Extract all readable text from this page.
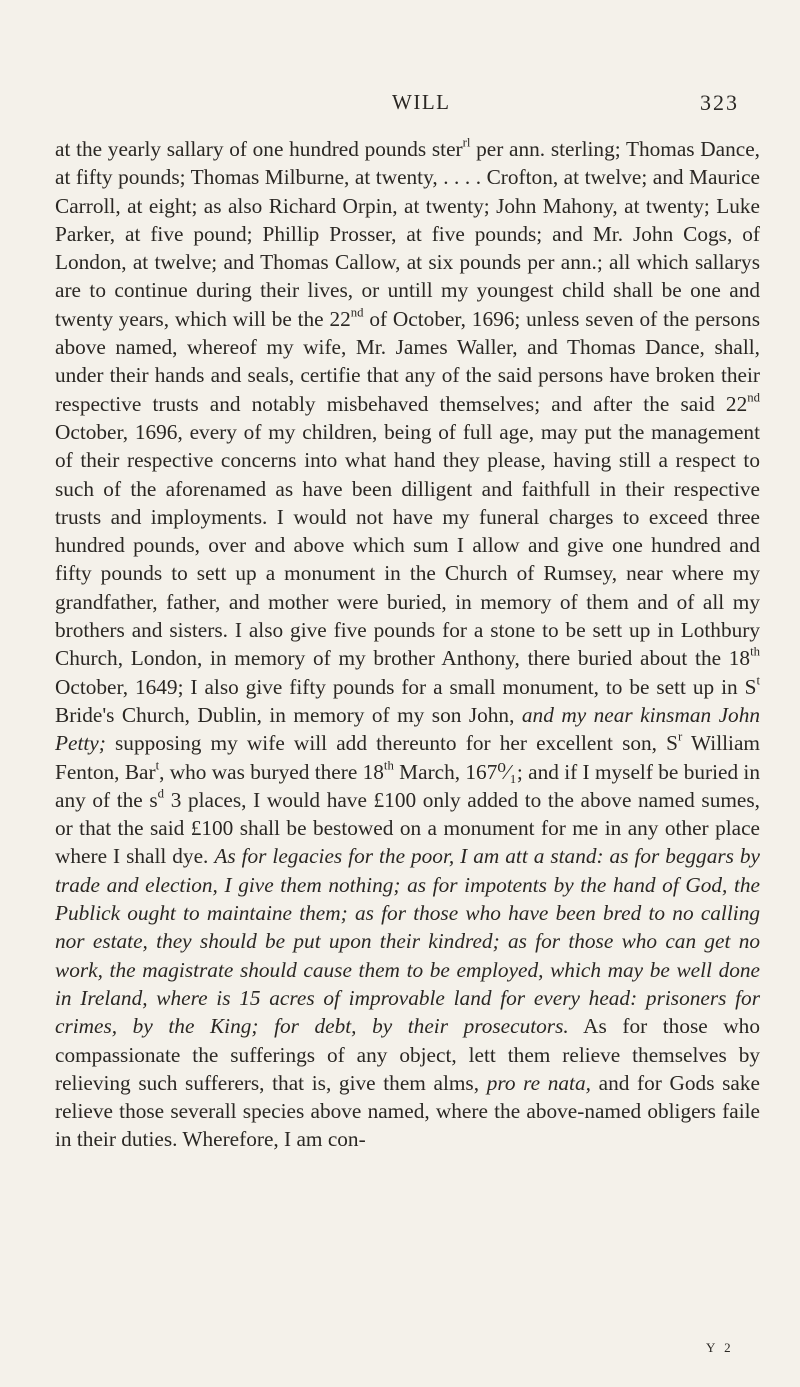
WILL	323

at the yearly sallary of one hundred pounds ster$^{rl}$ per ann. sterling; Thomas Dance, at fifty pounds; Thomas Milburne, at twenty, . . . . Crofton, at twelve; and Maurice Carroll, at eight; as also Richard Orpin, at twenty; John Mahony, at twenty; Luke Parker, at five pound; Phillip Prosser, at five pounds; and Mr. John Cogs, of London, at twelve; and Thomas Callow, at six pounds per ann.; all which sallarys are to continue during their lives, or untill my youngest child shall be one and twenty years, which will be the 22nd of October, 1696; unless seven of the persons above named, whereof my wife, Mr. James Waller, and Thomas Dance, shall, under their hands and seals, certifie that any of the said persons have broken their respective trusts and notably misbehaved themselves; and after the said 22nd October, 1696, every of my children, being of full age, may put the management of their respective concerns into what hand they please, having still a respect to such of the aforenamed as have been dilligent and faithfull in their respective trusts and imployments. I would not have my funeral charges to exceed three hundred pounds, over and above which sum I allow and give one hundred and fifty pounds to sett up a monument in the Church of Rumsey, near where my grandfather, father, and mother were buried, in memory of them and of all my brothers and sisters. I also give five pounds for a stone to be sett up in Lothbury Church, London, in memory of my brother Anthony, there buried about the 18th October, 1649; I also give fifty pounds for a small monument, to be sett up in $S^t$ Bride's Church, Dublin, in memory of my son John, and my near kinsman John Petty; supposing my wife will add thereunto for her excellent son, $S^r$ William Fenton, Bar$^t$, who was buryed there 18th March, 167⁰⁄₁; and if I myself be buried in any of the $s^d$ 3 places, I would have £100 only added to the above named sumes, or that the said £100 shall be bestowed on a monument for me in any other place where I shall dye. As for legacies for the poor, I am att a stand: as for beggars by trade and election, I give them nothing; as for impotents by the hand of God, the Publick ought to maintaine them; as for those who have been bred to no calling nor estate, they should be put upon their kindred; as for those who can get no work, the magistrate should cause them to be employed, which may be well done in Ireland, where is 15 acres of improvable land for every head: prisoners for crimes, by the King; for debt, by their prosecutors. As for those who compassionate the sufferings of any object, lett them relieve themselves by relieving such sufferers, that is, give them alms, pro re nata, and for Gods sake relieve those severall species above named, where the above-named obligers faile in their duties. Wherefore, I am con-

Y 2
